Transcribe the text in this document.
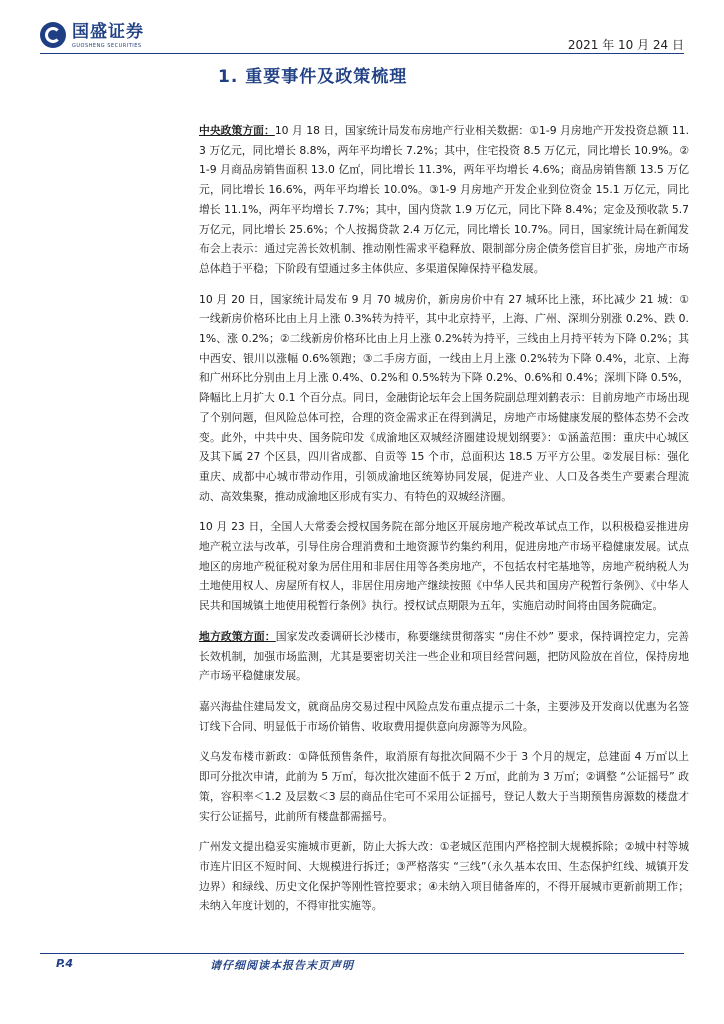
国盛证券
GUOSHENG SECURITIES	2021 年 10 月 24 日
1. 重要事件及政策梳理

中央政策方面：10 月 18 日，国家统计局发布房地产行业相关数据：①1-9 月房地产开发投资总额 11.3 万亿元，同比增长 8.8%，两年平均增长 7.2%；其中，住宅投资 8.5 万亿元，同比增长 10.9%。②1-9 月商品房销售面积 13.0 亿㎡，同比增长 11.3%，两年平均增长 4.6%；商品房销售额 13.5 万亿元，同比增长 16.6%，两年平均增长 10.0%。③1-9 月房地产开发企业到位资金 15.1 万亿元，同比增长 11.1%，两年平均增长 7.7%；其中，国内贷款 1.9 万亿元，同比下降 8.4%；定金及预收款 5.7 万亿元，同比增长 25.6%；个人按揭贷款 2.4 万亿元，同比增长 10.7%。同日，国家统计局在新闻发布会上表示：通过完善长效机制、推动刚性需求平稳释放、限制部分房企债务偿盲目扩张，房地产市场总体趋于平稳；下阶段有望通过多主体供应、多渠道保障保持平稳发展。

10 月 20 日，国家统计局发布 9 月 70 城房价，新房房价中有 27 城环比上涨，环比减少 21 城：①一线新房价格环比由上月上涨 0.3%转为持平，其中北京持平，上海、广州、深圳分别涨 0.2%、跌 0.1%、涨 0.2%；②二线新房价格环比由上月上涨 0.2%转为持平，三线由上月持平转为下降 0.2%；其中西安、银川以涨幅 0.6%领跑；③二手房方面，一线由上月上涨 0.2%转为下降 0.4%，北京、上海和广州环比分别由上月上涨 0.4%、0.2%和 0.5%转为下降 0.2%、0.6%和 0.4%；深圳下降 0.5%，降幅比上月扩大 0.1 个百分点。同日，金融街论坛年会上国务院副总理刘鹤表示：目前房地产市场出现了个别问题，但风险总体可控，合理的资金需求正在得到满足，房地产市场健康发展的整体态势不会改变。此外，中共中央、国务院印发《成渝地区双城经济圈建设规划纲要》：①涵盖范围：重庆中心城区及其下属 27 个区县，四川省成都、自贡等 15 个市，总面积达 18.5 万平方公里。②发展目标：强化重庆、成都中心城市带动作用，引领成渝地区统筹协同发展，促进产业、人口及各类生产要素合理流动、高效集聚，推动成渝地区形成有实力、有特色的双城经济圈。

10 月 23 日，全国人大常委会授权国务院在部分地区开展房地产税改革试点工作，以积极稳妥推进房地产税立法与改革，引导住房合理消费和土地资源节约集约利用，促进房地产市场平稳健康发展。试点地区的房地产税征税对象为居住用和非居住用等各类房地产，不包括农村宅基地等，房地产税纳税人为土地使用权人、房屋所有权人，非居住用房地产继续按照《中华人民共和国房产税暂行条例》、《中华人民共和国城镇土地使用税暂行条例》执行。授权试点期限为五年，实施启动时间将由国务院确定。

地方政策方面：国家发改委调研长沙楼市，称要继续贯彻落实 “房住不炒” 要求，保持调控定力，完善长效机制，加强市场监测，尤其是要密切关注一些企业和项目经营问题，把防风险放在首位，保持房地产市场平稳健康发展。

嘉兴海盐住建局发文，就商品房交易过程中风险点发布重点提示二十条，主要涉及开发商以优惠为名签订线下合同、明显低于市场价销售、收取费用提供意向房源等为风险。

义乌发布楼市新政：①降低预售条件，取消原有每批次间隔不少于 3 个月的规定，总建面 4 万㎡以上即可分批次申请，此前为 5 万㎡，每次批次建面不低于 2 万㎡，此前为 3 万㎡；②调整 “公证摇号” 政策，容积率＜1.2 及层数＜3 层的商品住宅可不采用公证摇号，登记人数大于当期预售房源数的楼盘才实行公证摇号，此前所有楼盘都需摇号。

广州发文提出稳妥实施城市更新，防止大拆大改：①老城区范围内严格控制大规模拆除；②城中村等城市连片旧区不短时间、大规模进行拆迁；③严格落实 “三线”（永久基本农田、生态保护红线、城镇开发边界）和绿线、历史文化保护等刚性管控要求；④未纳入项目储备库的，不得开展城市更新前期工作；未纳入年度计划的，不得审批实施等。

P.4	请仔细阅读本报告末页声明
